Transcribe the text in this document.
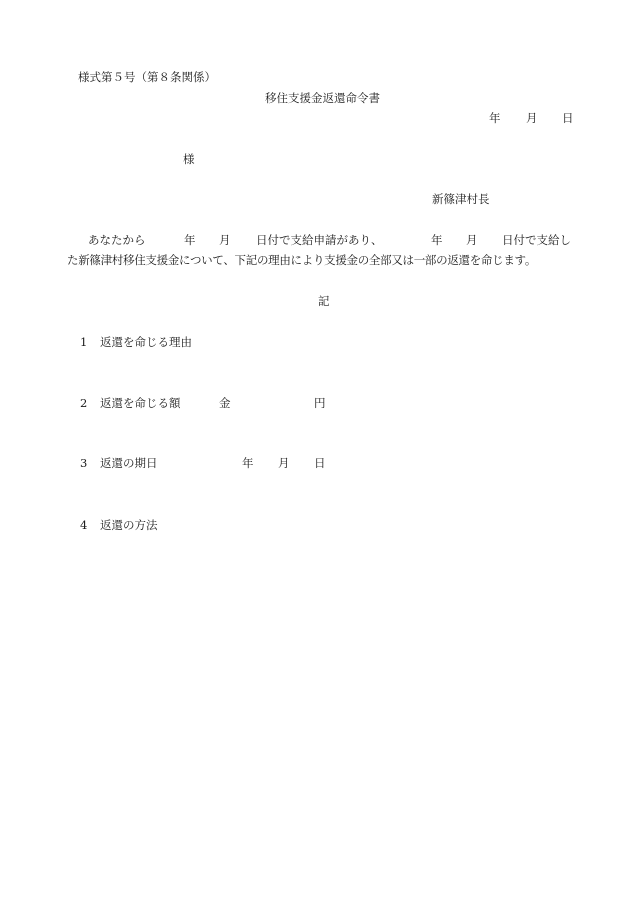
様式第５号（第８条関係）
移住支援金返還命令書
年 月 日
様
新篠津村長
あなたから	年 月 日付で支給申請があり、	年 月 日付で支給し
た新篠津村移住支援金について、下記の理由により支援金の全部又は一部の返還を命じます。
記
1 返還を命じる理由
2 返還を命じる額	金	円
3 返還の期日	年 月 日
4 返還の方法
